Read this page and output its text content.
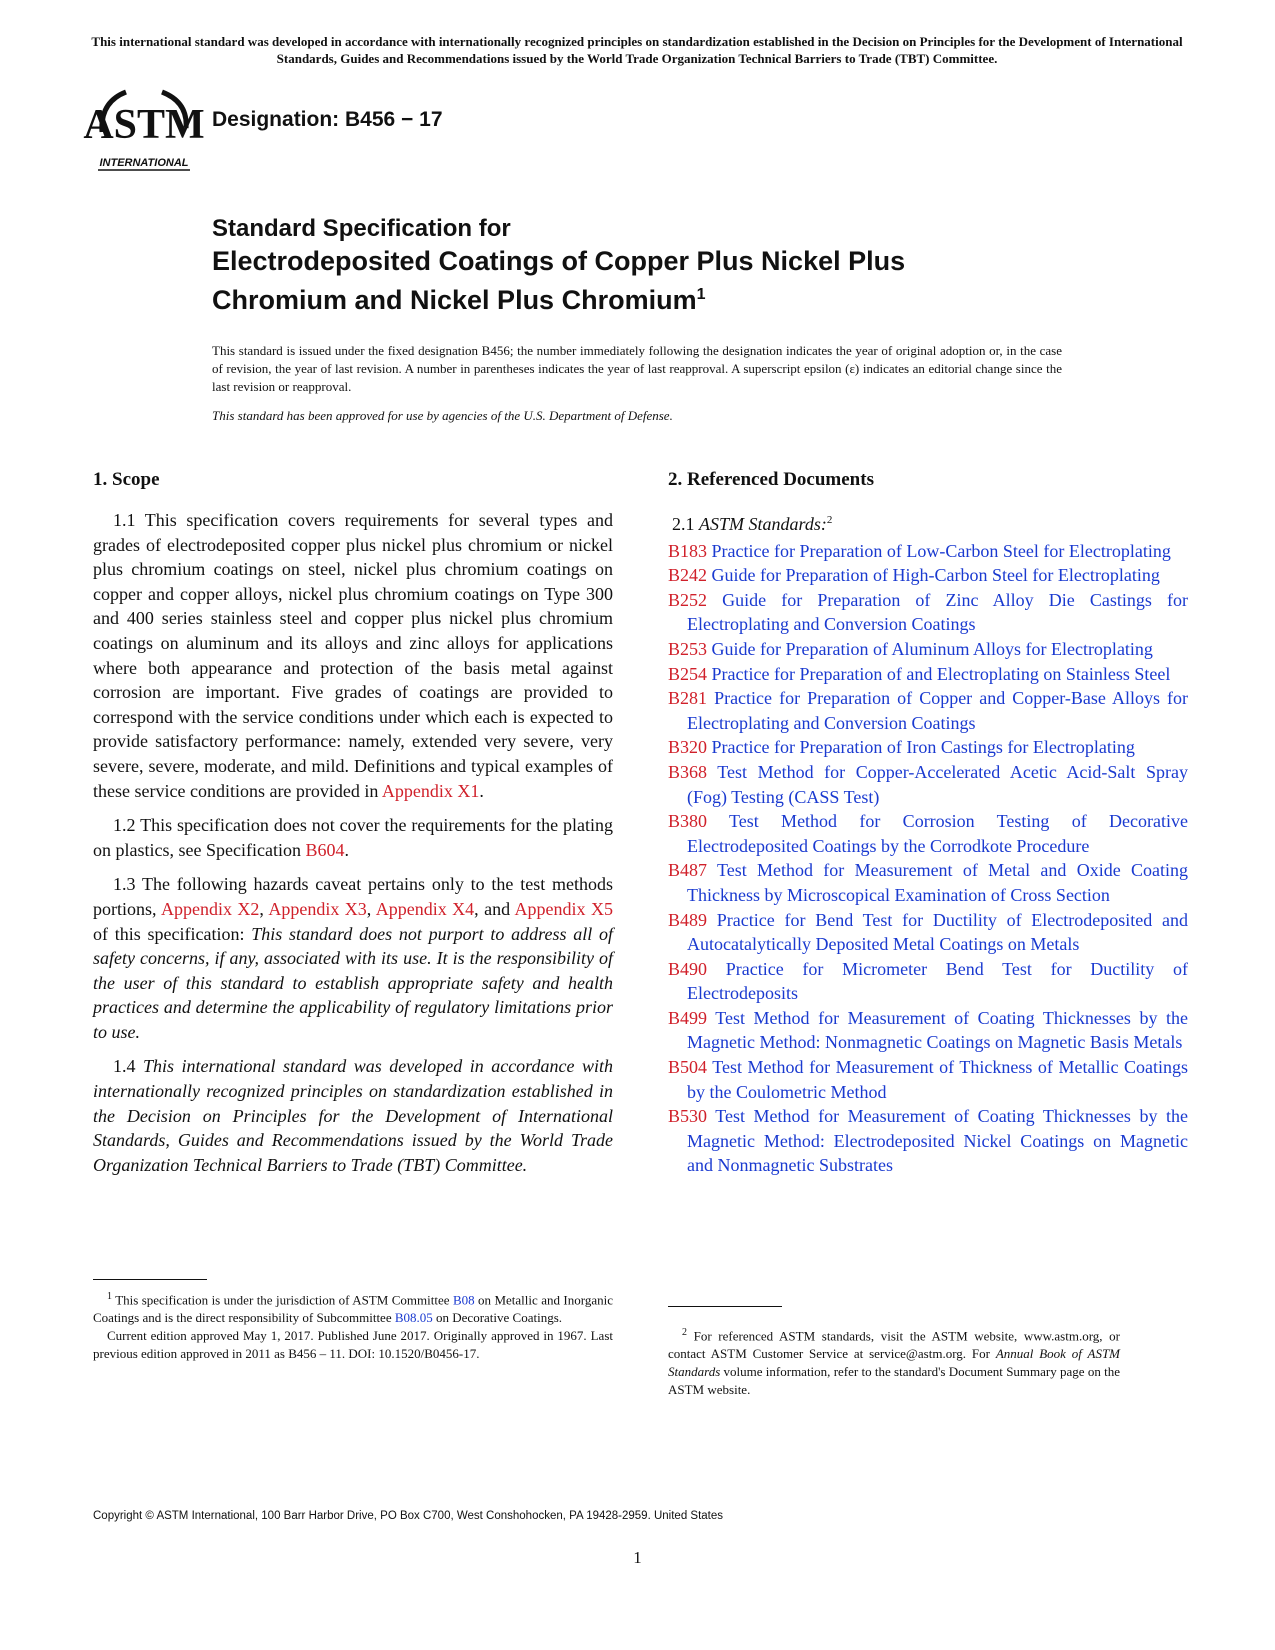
This international standard was developed in accordance with internationally recognized principles on standardization established in the Decision on Principles for the Development of International Standards, Guides and Recommendations issued by the World Trade Organization Technical Barriers to Trade (TBT) Committee.
ASTM
INTERNATIONAL
Designation: B456 − 17
Standard Specification for
Electrodeposited Coatings of Copper Plus Nickel Plus
Chromium and Nickel Plus Chromium$^1$
This standard is issued under the fixed designation B456; the number immediately following the designation indicates the year of original adoption or, in the case of revision, the year of last revision. A number in parentheses indicates the year of last reapproval. A superscript epsilon (ε) indicates an editorial change since the last revision or reapproval.
This standard has been approved for use by agencies of the U.S. Department of Defense.
1. Scope

1.1 This specification covers requirements for several types and grades of electrodeposited copper plus nickel plus chromium or nickel plus chromium coatings on steel, nickel plus chromium coatings on copper and copper alloys, nickel plus chromium coatings on Type 300 and 400 series stainless steel and copper plus nickel plus chromium coatings on aluminum and its alloys and zinc alloys for applications where both appearance and protection of the basis metal against corrosion are important. Five grades of coatings are provided to correspond with the service conditions under which each is expected to provide satisfactory performance: namely, extended very severe, very severe, severe, moderate, and mild. Definitions and typical examples of these service conditions are provided in Appendix X1.

1.2 This specification does not cover the requirements for the plating on plastics, see Specification B604.

1.3 The following hazards caveat pertains only to the test methods portions, Appendix X2, Appendix X3, Appendix X4, and Appendix X5 of this specification: This standard does not purport to address all of safety concerns, if any, associated with its use. It is the responsibility of the user of this standard to establish appropriate safety and health practices and determine the applicability of regulatory limitations prior to use.

1.4 This international standard was developed in accordance with internationally recognized principles on standardization established in the Decision on Principles for the Development of International Standards, Guides and Recommendations issued by the World Trade Organization Technical Barriers to Trade (TBT) Committee.

2. Referenced Documents

2.1 ASTM Standards:$^2$

B183 Practice for Preparation of Low-Carbon Steel for Electroplating

B242 Guide for Preparation of High-Carbon Steel for Electroplating

B252 Guide for Preparation of Zinc Alloy Die Castings for Electroplating and Conversion Coatings

B253 Guide for Preparation of Aluminum Alloys for Electroplating

B254 Practice for Preparation of and Electroplating on Stainless Steel

B281 Practice for Preparation of Copper and Copper-Base Alloys for Electroplating and Conversion Coatings

B320 Practice for Preparation of Iron Castings for Electroplating

B368 Test Method for Copper-Accelerated Acetic Acid-Salt Spray (Fog) Testing (CASS Test)

B380 Test Method for Corrosion Testing of Decorative Electrodeposited Coatings by the Corrodkote Procedure

B487 Test Method for Measurement of Metal and Oxide Coating Thickness by Microscopical Examination of Cross Section

B489 Practice for Bend Test for Ductility of Electrodeposited and Autocatalytically Deposited Metal Coatings on Metals

B490 Practice for Micrometer Bend Test for Ductility of Electrodeposits

B499 Test Method for Measurement of Coating Thicknesses by the Magnetic Method: Nonmagnetic Coatings on Magnetic Basis Metals

B504 Test Method for Measurement of Thickness of Metallic Coatings by the Coulometric Method

B530 Test Method for Measurement of Coating Thicknesses by the Magnetic Method: Electrodeposited Nickel Coatings on Magnetic and Nonmagnetic Substrates

$^1$ This specification is under the jurisdiction of ASTM Committee B08 on Metallic and Inorganic Coatings and is the direct responsibility of Subcommittee B08.05 on Decorative Coatings.

Current edition approved May 1, 2017. Published June 2017. Originally approved in 1967. Last previous edition approved in 2011 as B456 – 11. DOI: 10.1520/B0456-17.

$^2$ For referenced ASTM standards, visit the ASTM website, www.astm.org, or contact ASTM Customer Service at service@astm.org. For Annual Book of ASTM Standards volume information, refer to the standard's Document Summary page on the ASTM website.

Copyright © ASTM International, 100 Barr Harbor Drive, PO Box C700, West Conshohocken, PA 19428-2959. United States
1
